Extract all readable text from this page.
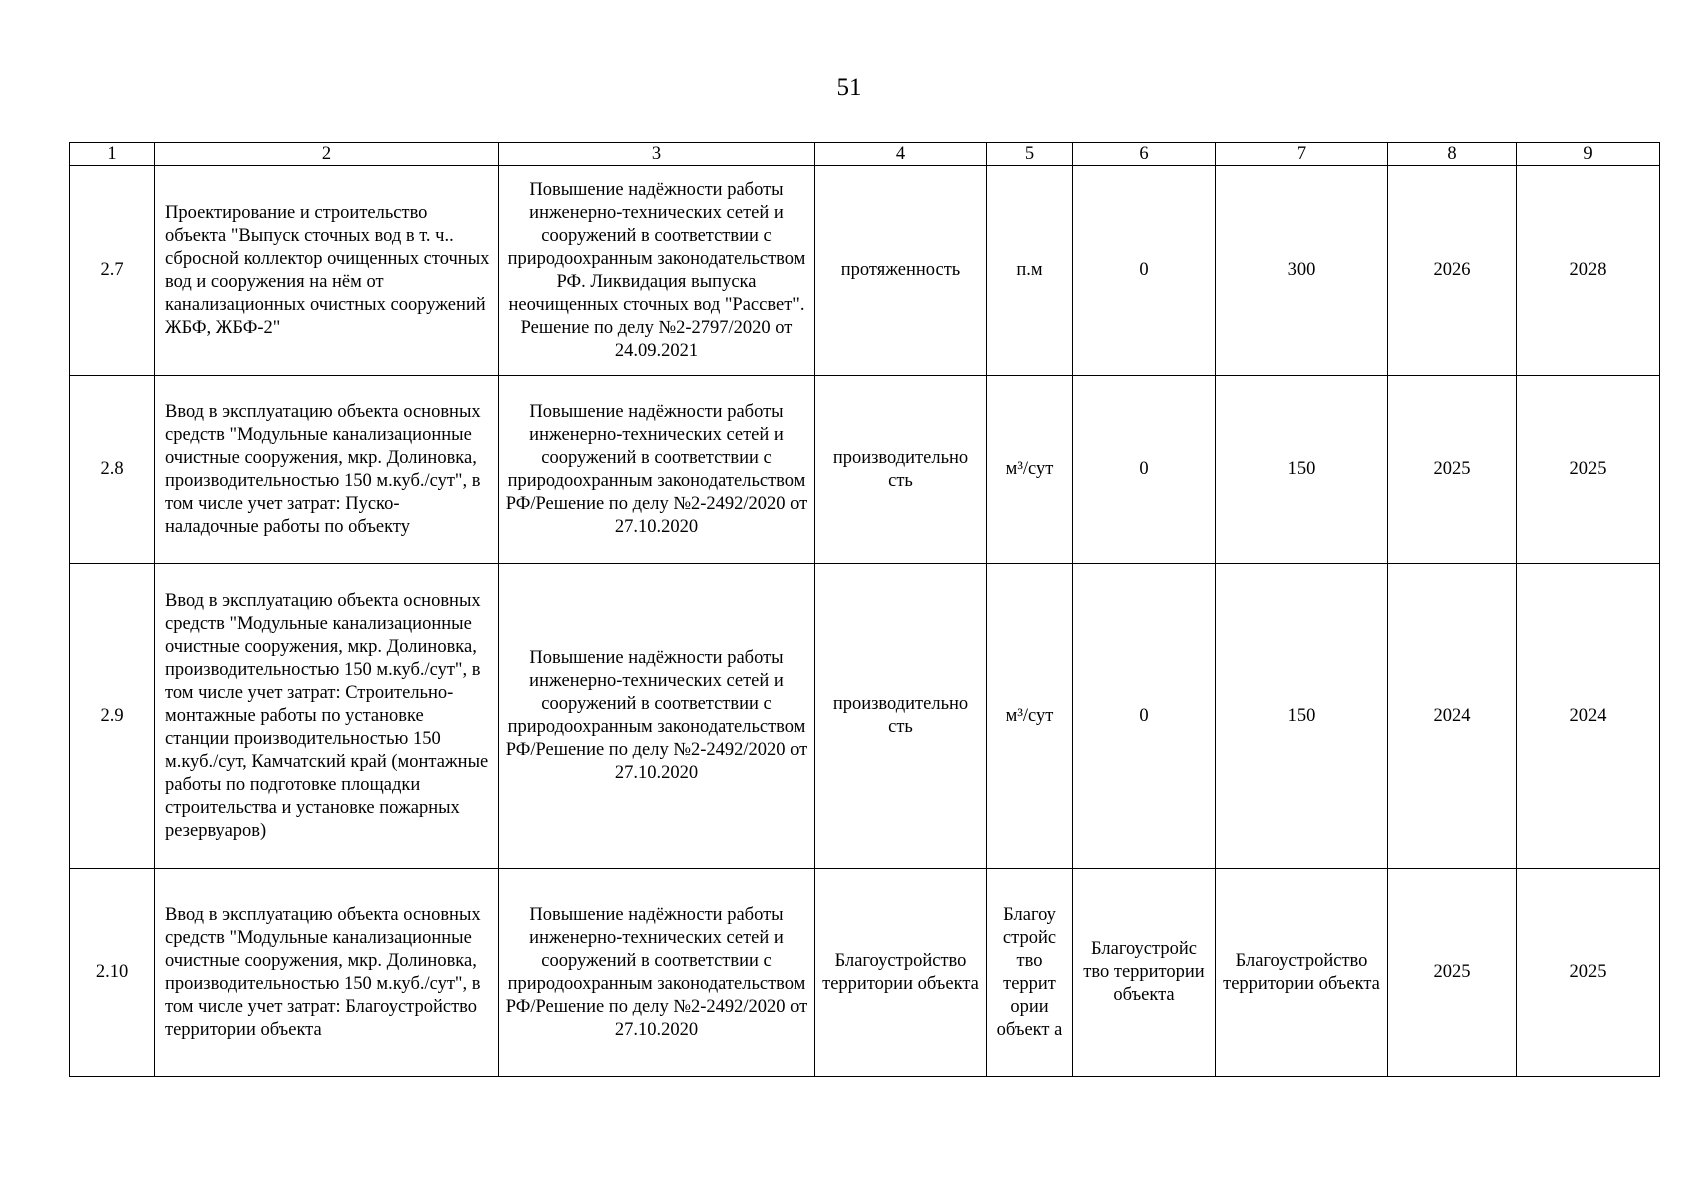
51
1	2	3	4	5	6	7	8	9
2.7	Проектирование и строительство объекта "Выпуск сточных вод в т. ч.. сбросной коллектор очищенных сточных вод и сооружения на нём от канализационных очистных сооружений ЖБФ, ЖБФ-2"	Повышение надёжности работы инженерно-технических сетей и сооружений в соответствии с природоохранным законодательством РФ. Ликвидация выпуска неочищенных сточных вод "Рассвет". Решение по делу №2-2797/2020 от 24.09.2021	протяженность	п.м	0	300	2026	2028
2.8	Ввод в эксплуатацию объекта основных средств "Модульные канализационные очистные сооружения, мкр. Долиновка, производительностью 150 м.куб./сут", в том числе учет затрат: Пуско-наладочные работы по объекту	Повышение надёжности работы инженерно-технических сетей и сооружений в соответствии с природоохранным законодательством РФ/Решение по делу №2-2492/2020 от 27.10.2020	производительно сть	м³/сут	0	150	2025	2025
2.9	Ввод в эксплуатацию объекта основных средств "Модульные канализационные очистные сооружения, мкр. Долиновка, производительностью 150 м.куб./сут", в том числе учет затрат: Строительно- монтажные работы по установке станции производительностью 150 м.куб./сут, Камчатский край (монтажные работы по подготовке площадки строительства и установке пожарных резервуаров)	Повышение надёжности работы инженерно-технических сетей и сооружений в соответствии с природоохранным законодательством РФ/Решение по делу №2-2492/2020 от 27.10.2020	производительно сть	м³/сут	0	150	2024	2024
2.10	Ввод в эксплуатацию объекта основных средств "Модульные канализационные очистные сооружения, мкр. Долиновка, производительностью 150 м.куб./сут", в том числе учет затрат: Благоустройство территории объекта	Повышение надёжности работы инженерно-технических сетей и сооружений в соответствии с природоохранным законодательством РФ/Решение по делу №2-2492/2020 от 27.10.2020	Благоустройство территории объекта	Благоу стройс тво террит ории объект а	Благоустройс тво территории объекта	Благоустройство территории объекта	2025	2025
